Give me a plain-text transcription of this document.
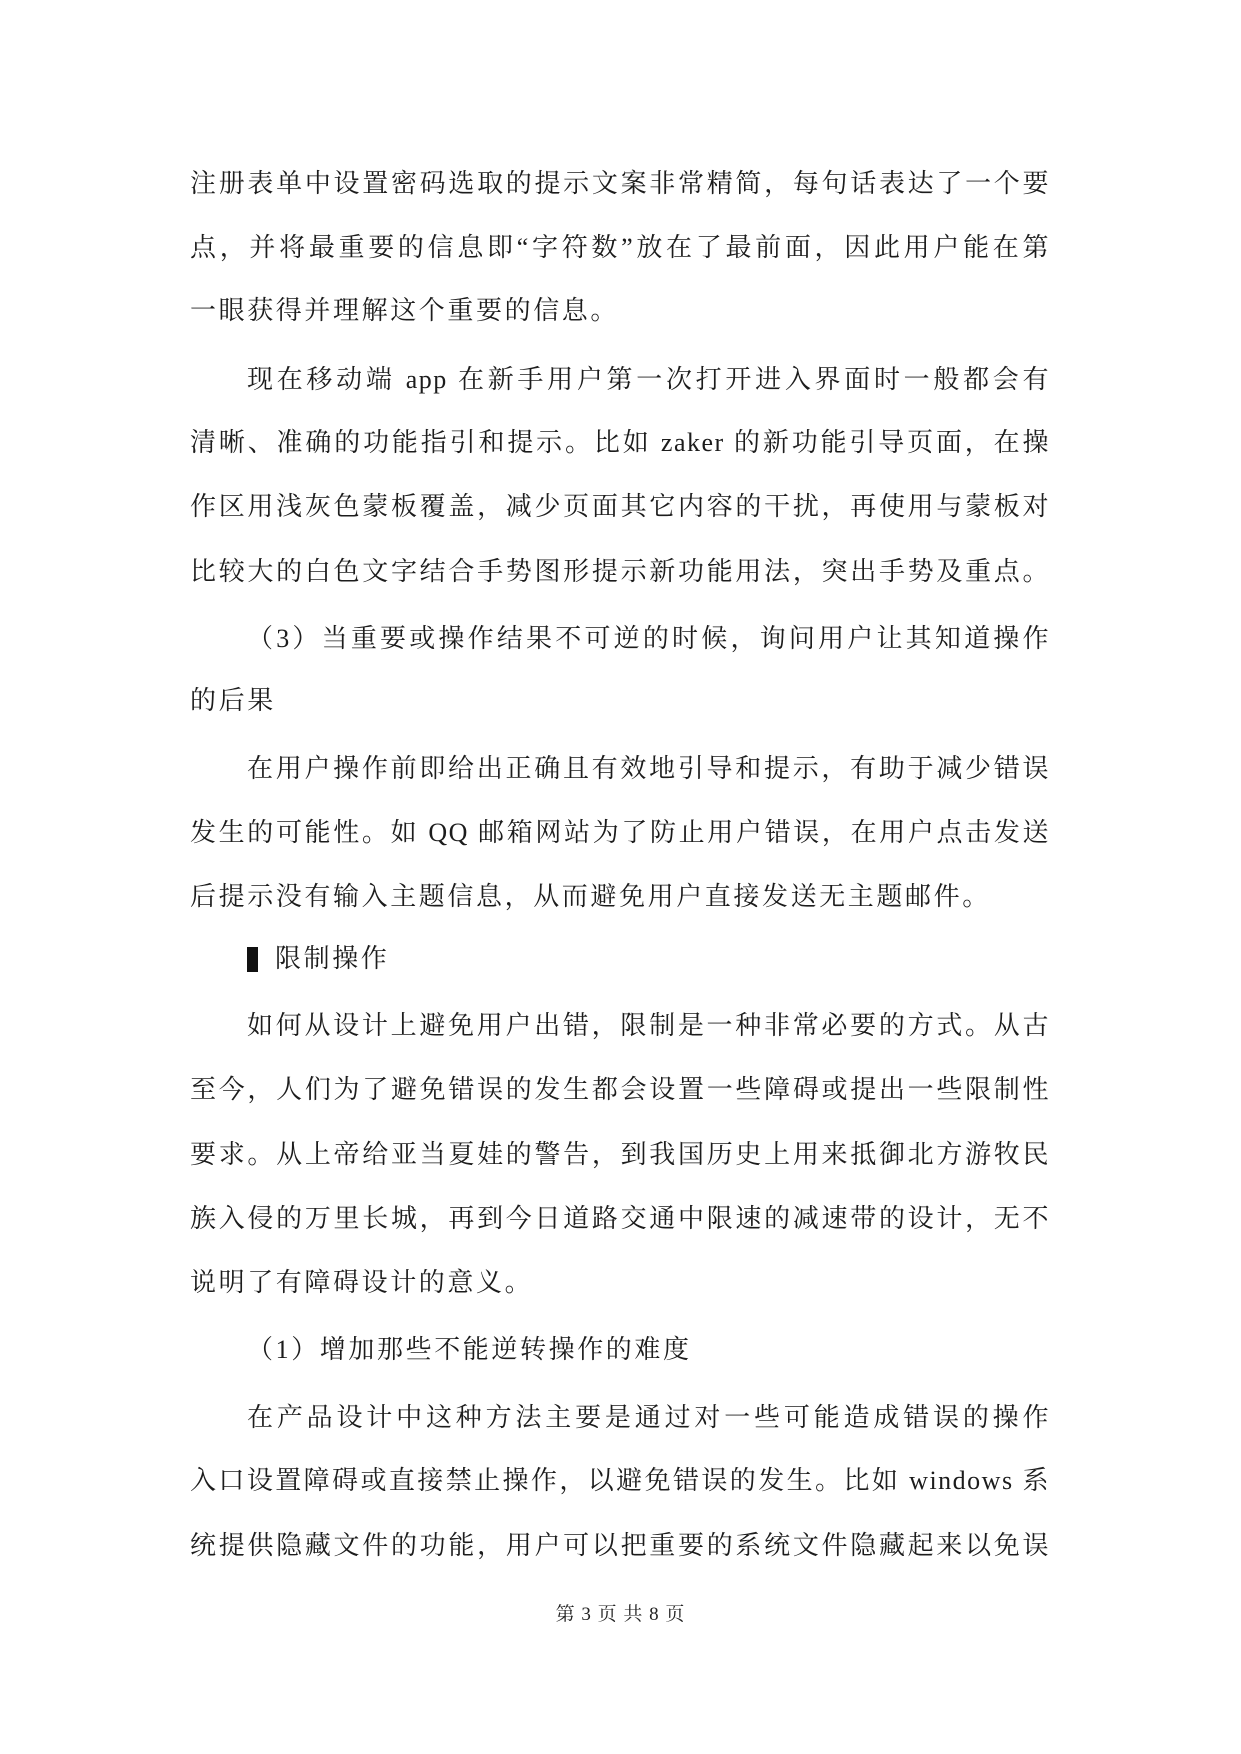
注册表单中设置密码选取的提示文案非常精简，每句话表达了一个要
点，并将最重要的信息即“字符数”放在了最前面，因此用户能在第
一眼获得并理解这个重要的信息。
现在移动端 app 在新手用户第一次打开进入界面时一般都会有
清晰、准确的功能指引和提示。比如 zaker 的新功能引导页面，在操
作区用浅灰色蒙板覆盖，减少页面其它内容的干扰，再使用与蒙板对
比较大的白色文字结合手势图形提示新功能用法，突出手势及重点。
（3）当重要或操作结果不可逆的时候，询问用户让其知道操作
的后果
在用户操作前即给出正确且有效地引导和提示，有助于减少错误
发生的可能性。如 QQ 邮箱网站为了防止用户错误，在用户点击发送
后提示没有输入主题信息，从而避免用户直接发送无主题邮件。
限制操作
如何从设计上避免用户出错，限制是一种非常必要的方式。从古
至今，人们为了避免错误的发生都会设置一些障碍或提出一些限制性
要求。从上帝给亚当夏娃的警告，到我国历史上用来抵御北方游牧民
族入侵的万里长城，再到今日道路交通中限速的减速带的设计，无不
说明了有障碍设计的意义。
（1）增加那些不能逆转操作的难度
在产品设计中这种方法主要是通过对一些可能造成错误的操作
入口设置障碍或直接禁止操作，以避免错误的发生。比如 windows 系
统提供隐藏文件的功能，用户可以把重要的系统文件隐藏起来以免误
第 3 页 共 8 页
